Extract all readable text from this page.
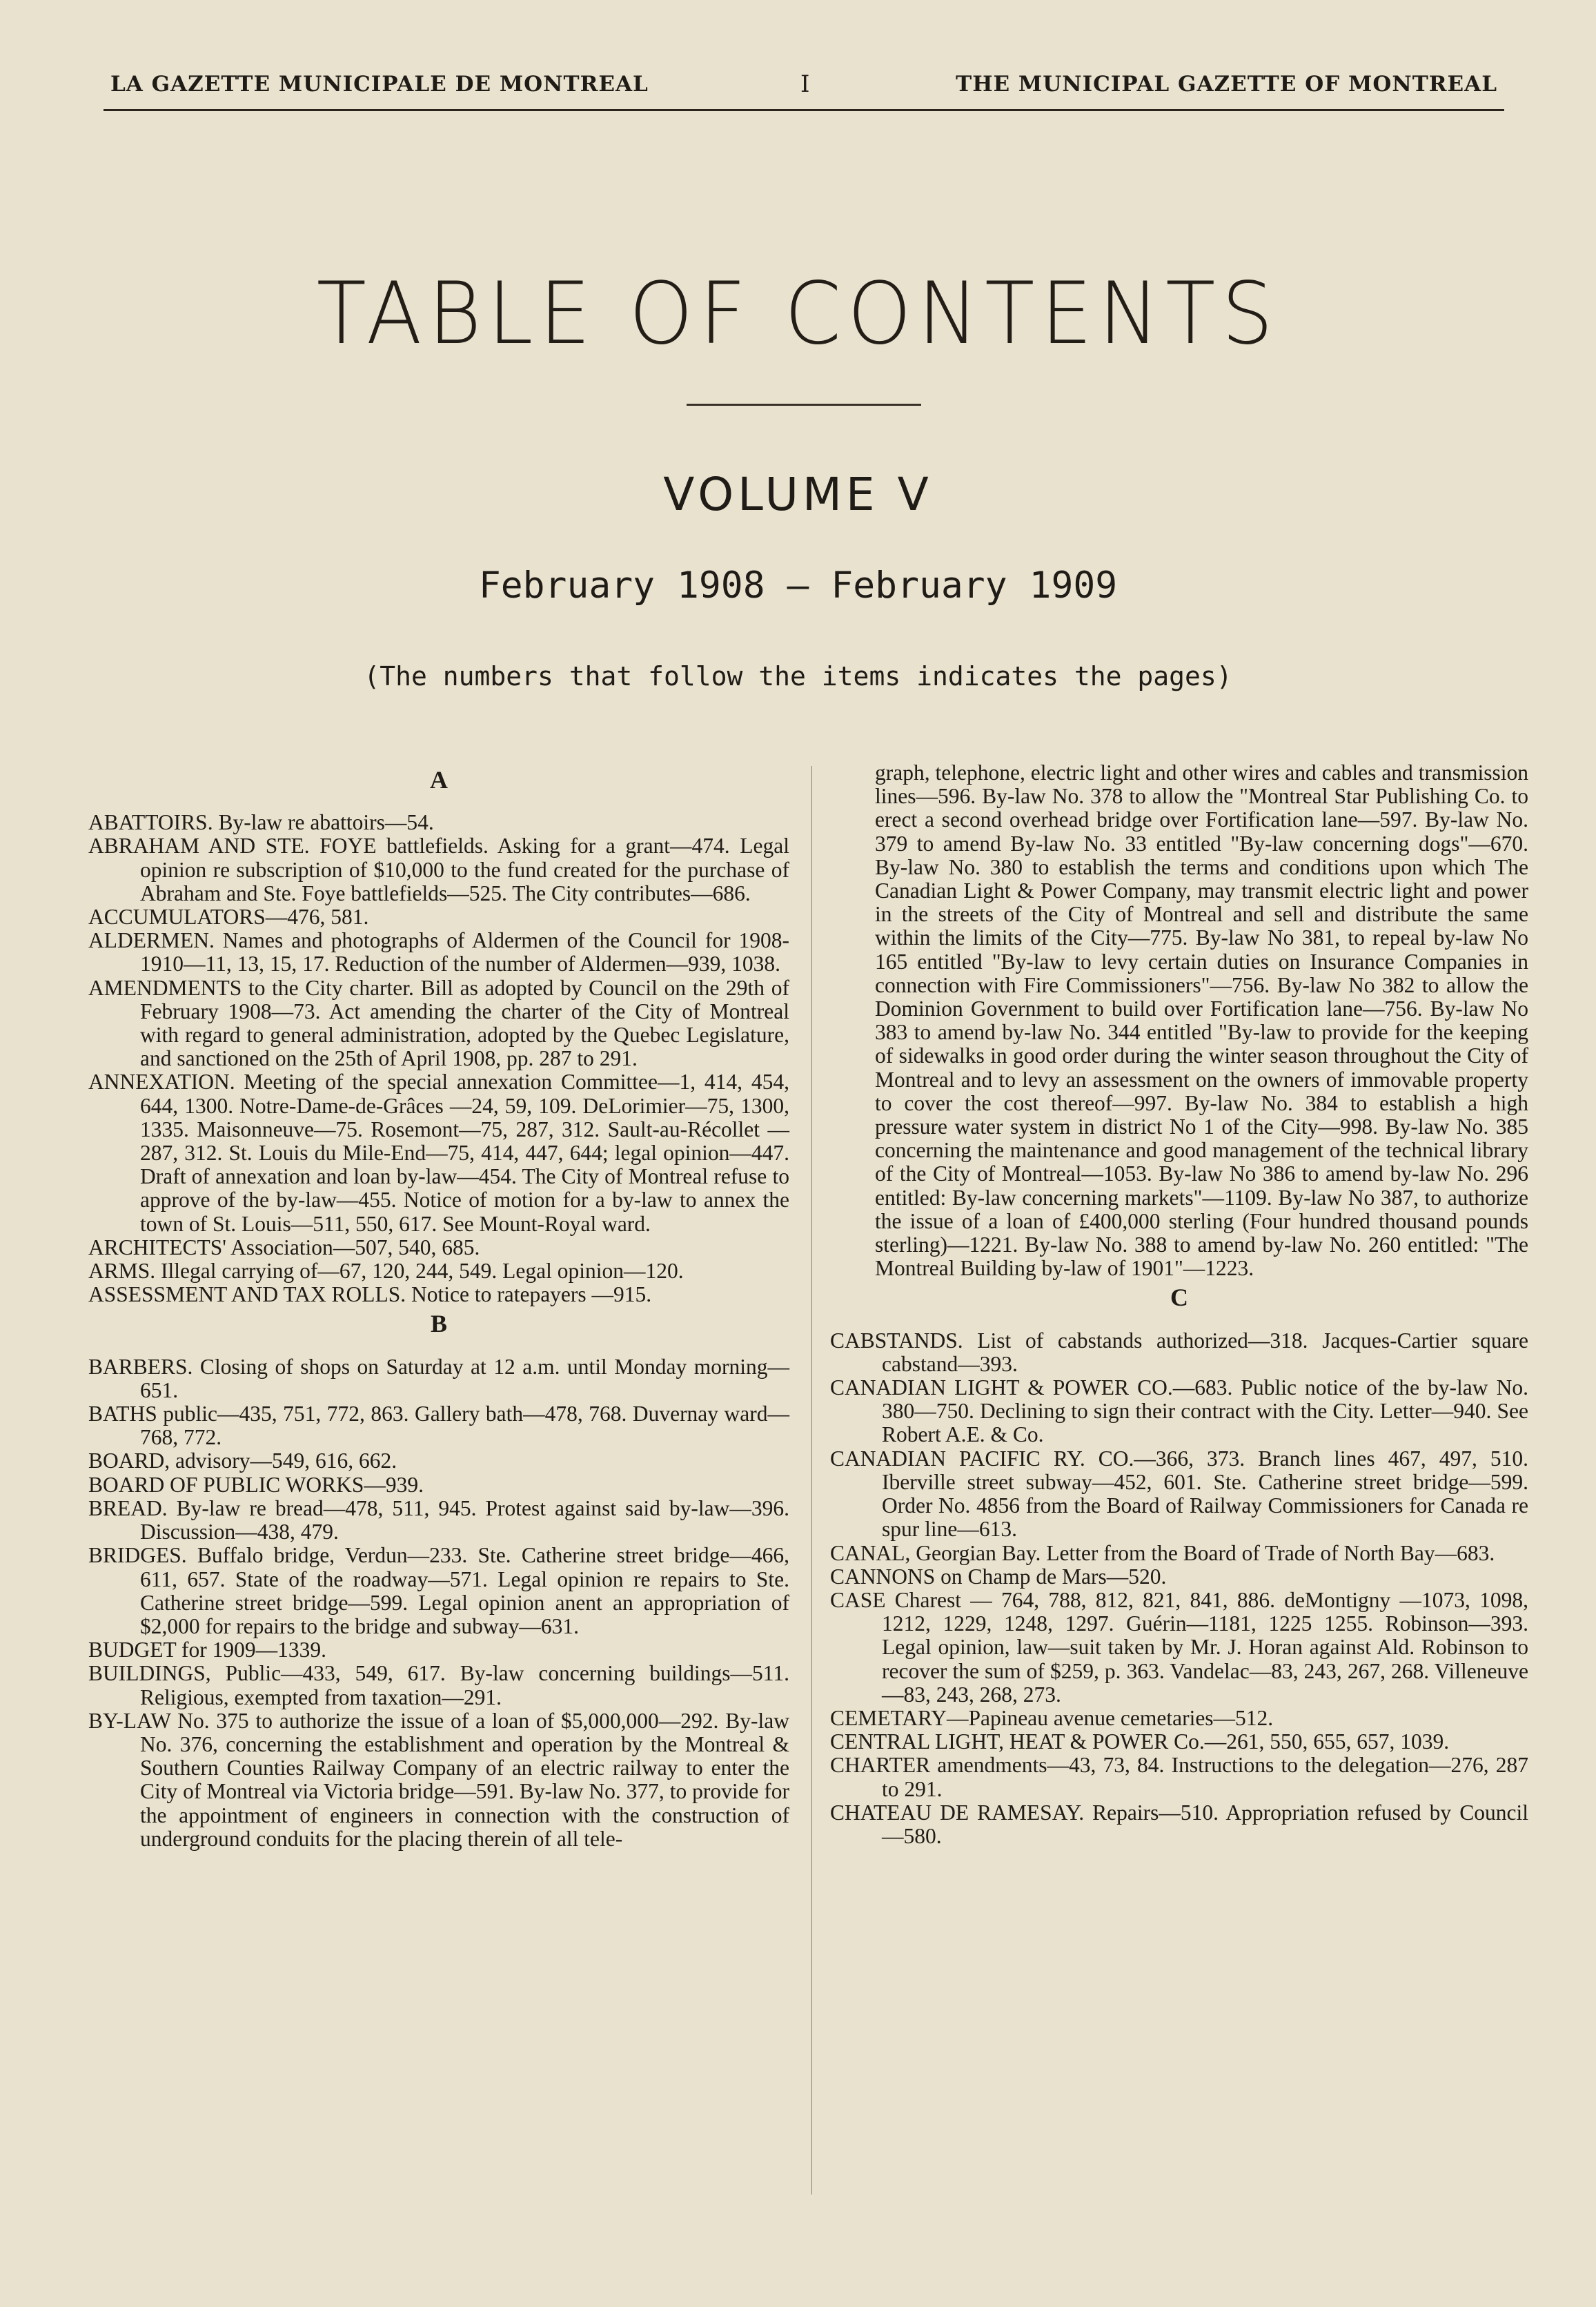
LA GAZETTE MUNICIPALE DE MONTREAL	I	THE MUNICIPAL GAZETTE OF MONTREAL
TABLE OF CONTENTS
VOLUME V
February 1908 — February 1909
(The numbers that follow the items indicates the pages)

A

ABATTOIRS. By-law re abattoirs—54.

ABRAHAM AND STE. FOYE battlefields. Asking for a grant—474. Legal opinion re subscription of $10,000 to the fund created for the purchase of Abraham and Ste. Foye battlefields—525. The City contributes—686.

ACCUMULATORS—476, 581.

ALDERMEN. Names and photographs of Aldermen of the Council for 1908-1910—11, 13, 15, 17. Reduction of the number of Aldermen—939, 1038.

AMENDMENTS to the City charter. Bill as adopted by Council on the 29th of February 1908—73. Act amending the charter of the City of Montreal with regard to general administration, adopted by the Quebec Legislature, and sanctioned on the 25th of April 1908, pp. 287 to 291.

ANNEXATION. Meeting of the special annexation Committee—1, 414, 454, 644, 1300. Notre-Dame-de-Grâces —24, 59, 109. DeLorimier—75, 1300, 1335. Maisonneuve—75. Rosemont—75, 287, 312. Sault-au-Récollet —287, 312. St. Louis du Mile-End—75, 414, 447, 644; legal opinion—447. Draft of annexation and loan by-law—454. The City of Montreal refuse to approve of the by-law—455. Notice of motion for a by-law to annex the town of St. Louis—511, 550, 617. See Mount-Royal ward.

ARCHITECTS' Association—507, 540, 685.

ARMS. Illegal carrying of—67, 120, 244, 549. Legal opinion—120.

ASSESSMENT AND TAX ROLLS. Notice to ratepayers —915.

B

BARBERS. Closing of shops on Saturday at 12 a.m. until Monday morning—651.

BATHS public—435, 751, 772, 863. Gallery bath—478, 768. Duvernay ward—768, 772.

BOARD, advisory—549, 616, 662.

BOARD OF PUBLIC WORKS—939.

BREAD. By-law re bread—478, 511, 945. Protest against said by-law—396. Discussion—438, 479.

BRIDGES. Buffalo bridge, Verdun—233. Ste. Catherine street bridge—466, 611, 657. State of the roadway—571. Legal opinion re repairs to Ste. Catherine street bridge—599. Legal opinion anent an appropriation of $2,000 for repairs to the bridge and subway—631.

BUDGET for 1909—1339.

BUILDINGS, Public—433, 549, 617. By-law concerning buildings—511. Religious, exempted from taxation—291.

BY-LAW No. 375 to authorize the issue of a loan of $5,000,000—292. By-law No. 376, concerning the establishment and operation by the Montreal & Southern Counties Railway Company of an electric railway to enter the City of Montreal via Victoria bridge—591. By-law No. 377, to provide for the appointment of engineers in connection with the construction of underground conduits for the placing therein of all tele-

graph, telephone, electric light and other wires and cables and transmission lines—596. By-law No. 378 to allow the "Montreal Star Publishing Co. to erect a second overhead bridge over Fortification lane—597. By-law No. 379 to amend By-law No. 33 entitled "By-law concerning dogs"—670. By-law No. 380 to establish the terms and conditions upon which The Canadian Light & Power Company, may transmit electric light and power in the streets of the City of Montreal and sell and distribute the same within the limits of the City—775. By-law No 381, to repeal by-law No 165 entitled "By-law to levy certain duties on Insurance Companies in connection with Fire Commissioners"—756. By-law No 382 to allow the Dominion Government to build over Fortification lane—756. By-law No 383 to amend by-law No. 344 entitled "By-law to provide for the keeping of sidewalks in good order during the winter season throughout the City of Montreal and to levy an assessment on the owners of immovable property to cover the cost thereof—997. By-law No. 384 to establish a high pressure water system in district No 1 of the City—998. By-law No. 385 concerning the maintenance and good management of the technical library of the City of Montreal—1053. By-law No 386 to amend by-law No. 296 entitled: By-law concerning markets"—1109. By-law No 387, to authorize the issue of a loan of £400,000 sterling (Four hundred thousand pounds sterling)—1221. By-law No. 388 to amend by-law No. 260 entitled: "The Montreal Building by-law of 1901"—1223.

C

CABSTANDS. List of cabstands authorized—318. Jacques-Cartier square cabstand—393.

CANADIAN LIGHT & POWER CO.—683. Public notice of the by-law No. 380—750. Declining to sign their contract with the City. Letter—940. See Robert A.E. & Co.

CANADIAN PACIFIC RY. CO.—366, 373. Branch lines 467, 497, 510. Iberville street subway—452, 601. Ste. Catherine street bridge—599. Order No. 4856 from the Board of Railway Commissioners for Canada re spur line—613.

CANAL, Georgian Bay. Letter from the Board of Trade of North Bay—683.

CANNONS on Champ de Mars—520.

CASE Charest — 764, 788, 812, 821, 841, 886. deMontigny —1073, 1098, 1212, 1229, 1248, 1297. Guérin—1181, 1225 1255. Robinson—393. Legal opinion, law—suit taken by Mr. J. Horan against Ald. Robinson to recover the sum of $259, p. 363. Vandelac—83, 243, 267, 268. Villeneuve—83, 243, 268, 273.

CEMETARY—Papineau avenue cemetaries—512.

CENTRAL LIGHT, HEAT & POWER Co.—261, 550, 655, 657, 1039.

CHARTER amendments—43, 73, 84. Instructions to the delegation—276, 287 to 291.

CHATEAU DE RAMESAY. Repairs—510. Appropriation refused by Council—580.
